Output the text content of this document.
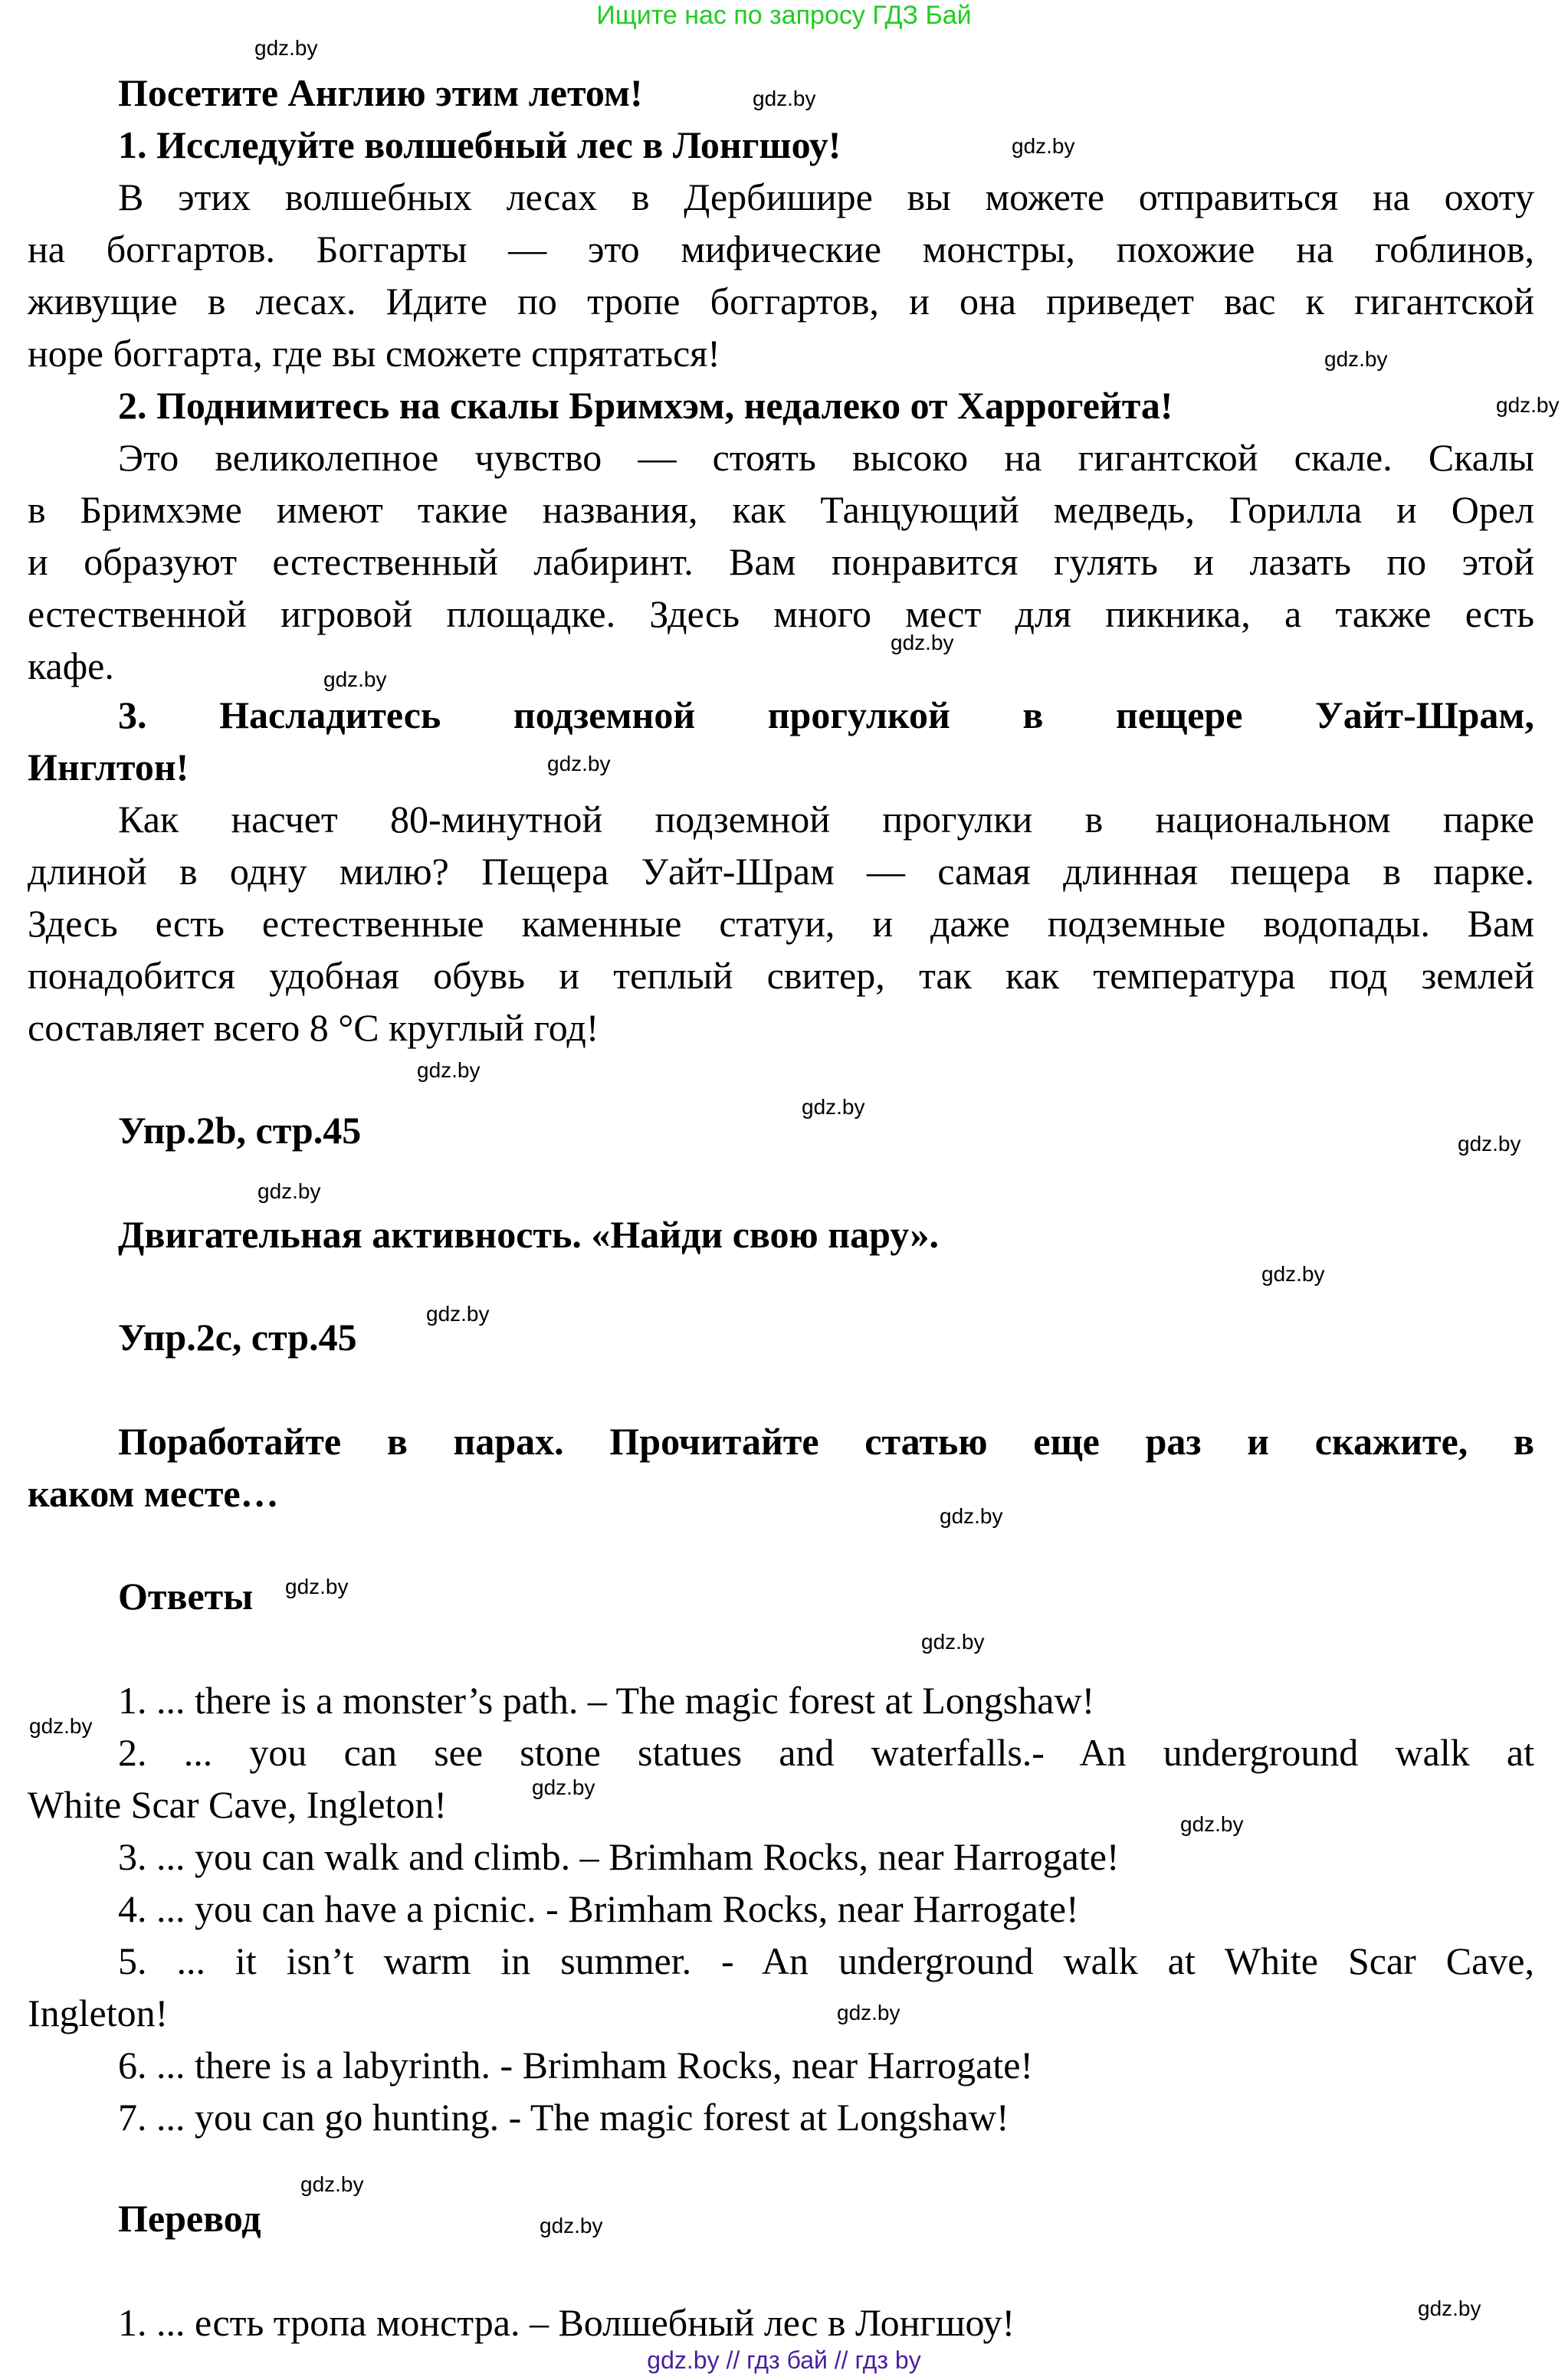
Ищите нас по запросу ГДЗ Бай
Посетите Англию этим летом!
1. Исследуйте волшебный лес в Лонгшоу!
В этих волшебных лесах в Дербишире вы можете отправиться на охоту
на боггартов. Боггарты — это мифические монстры, похожие на гоблинов,
живущие в лесах. Идите по тропе боггартов, и она приведет вас к гигантской
норе боггарта, где вы сможете спрятаться!
2. Поднимитесь на скалы Бримхэм, недалеко от Харрогейта!
Это великолепное чувство — стоять высоко на гигантской скале. Скалы
в Бримхэме имеют такие названия, как Танцующий медведь, Горилла и Орел
и образуют естественный лабиринт. Вам понравится гулять и лазать по этой
естественной игровой площадке. Здесь много мест для пикника, а также есть
кафе.
3. Насладитесь подземной прогулкой в пещере Уайт-Шрам,
Инглтон!
Как насчет 80-минутной подземной прогулки в национальном парке
длиной в одну милю? Пещера Уайт-Шрам — самая длинная пещера в парке.
Здесь есть естественные каменные статуи, и даже подземные водопады. Вам
понадобится удобная обувь и теплый свитер, так как температура под землей
составляет всего 8 °С круглый год!
Упр.2b, стр.45
Двигательная активность. «Найди свою пару».
Упр.2c, стр.45
Поработайте в парах. Прочитайте статью еще раз и скажите, в
каком месте…
Ответы
1. ... there is a monster’s path. – The magic forest at Longshaw!
2. ... you can see stone statues and waterfalls.- An underground walk at
White Scar Cave, Ingleton!
3. ... you can walk and climb. – Brimham Rocks, near Harrogate!
4. ... you can have a picnic. - Brimham Rocks, near Harrogate!
5. ... it isn’t warm in summer. - An underground walk at White Scar Cave,
Ingleton!
6. ... there is a labyrinth. - Brimham Rocks, near Harrogate!
7. ... you can go hunting. - The magic forest at Longshaw!
Перевод
1. ... есть тропа монстра. – Волшебный лес в Лонгшоу!
gdz.by
gdz.by
gdz.by
gdz.by
gdz.by
gdz.by
gdz.by
gdz.by
gdz.by
gdz.by
gdz.by
gdz.by
gdz.by
gdz.by
gdz.by
gdz.by
gdz.by
gdz.by
gdz.by
gdz.by
gdz.by
gdz.by
gdz.by
gdz.by
gdz.by // гдз бай // гдз by
